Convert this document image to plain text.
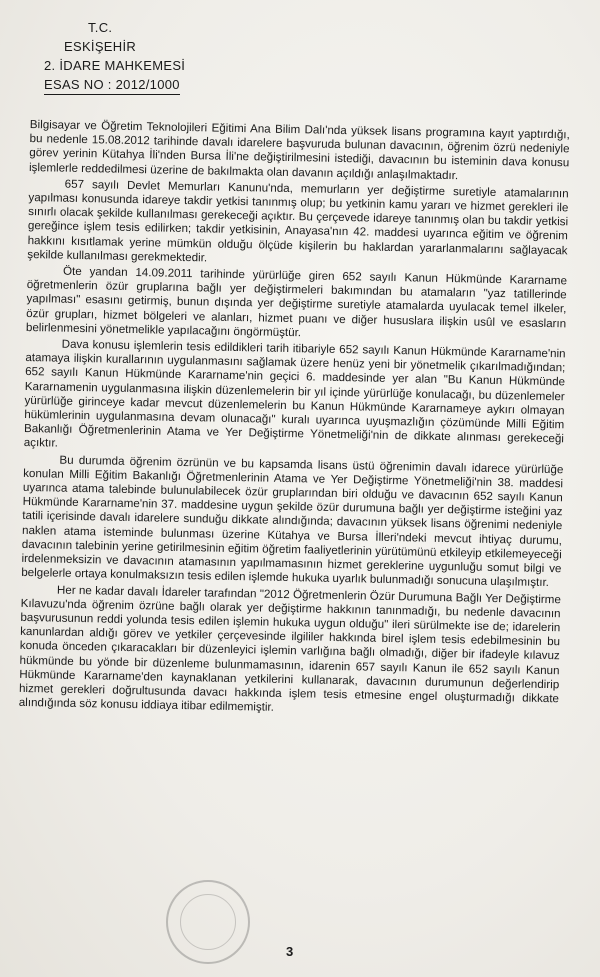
T.C.
ESKİŞEHİR
2. İDARE MAHKEMESİ
ESAS NO : 2012/1000

Bilgisayar ve Öğretim Teknolojileri Eğitimi Ana Bilim Dalı'nda yüksek lisans programına kayıt yaptırdığı, bu nedenle 15.08.2012 tarihinde davalı idarelere başvuruda bulunan davacının, öğrenim özrü nedeniyle görev yerinin Kütahya İli'nden Bursa İli'ne değiştirilmesini istediği, davacının bu isteminin dava konusu işlemlerle reddedilmesi üzerine de bakılmakta olan davanın açıldığı anlaşılmaktadır.

657 sayılı Devlet Memurları Kanunu'nda, memurların yer değiştirme suretiyle atamalarının yapılması konusunda idareye takdir yetkisi tanınmış olup; bu yetkinin kamu yararı ve hizmet gerekleri ile sınırlı olacak şekilde kullanılması gerekeceği açıktır. Bu çerçevede idareye tanınmış olan bu takdir yetkisi gereğince işlem tesis edilirken; takdir yetkisinin, Anayasa'nın 42. maddesi uyarınca eğitim ve öğrenim hakkını kısıtlamak yerine mümkün olduğu ölçüde kişilerin bu haklardan yararlanmalarını sağlayacak şekilde kullanılması gerekmektedir.

Öte yandan 14.09.2011 tarihinde yürürlüğe giren 652 sayılı Kanun Hükmünde Kararname öğretmenlerin özür gruplarına bağlı yer değiştirmeleri bakımından bu atamaların "yaz tatillerinde yapılması" esasını getirmiş, bunun dışında yer değiştirme suretiyle atamalarda uyulacak temel ilkeler, özür grupları, hizmet bölgeleri ve alanları, hizmet puanı ve diğer hususlara ilişkin usûl ve esasların belirlenmesini yönetmelikle yapılacağını öngörmüştür.

Dava konusu işlemlerin tesis edildikleri tarih itibariyle 652 sayılı Kanun Hükmünde Kararname'nin atamaya ilişkin kurallarının uygulanmasını sağlamak üzere henüz yeni bir yönetmelik çıkarılmadığından; 652 sayılı Kanun Hükmünde Kararname'nin geçici 6. maddesinde yer alan "Bu Kanun Hükmünde Kararnamenin uygulanmasına ilişkin düzenlemelerin bir yıl içinde yürürlüğe konulacağı, bu düzenlemeler yürürlüğe girinceye kadar mevcut düzenlemelerin bu Kanun Hükmünde Kararnameye aykırı olmayan hükümlerinin uygulanmasına devam olunacağı" kuralı uyarınca uyuşmazlığın çözümünde Milli Eğitim Bakanlığı Öğretmenlerinin Atama ve Yer Değiştirme Yönetmeliği'nin de dikkate alınması gerekeceği açıktır.

Bu durumda öğrenim özrünün ve bu kapsamda lisans üstü öğrenimin davalı idarece yürürlüğe konulan Milli Eğitim Bakanlığı Öğretmenlerinin Atama ve Yer Değiştirme Yönetmeliği'nin 38. maddesi uyarınca atama talebinde bulunulabilecek özür gruplarından biri olduğu ve davacının 652 sayılı Kanun Hükmünde Kararname'nin 37. maddesine uygun şekilde özür durumuna bağlı yer değiştirme isteğini yaz tatili içerisinde davalı idarelere sunduğu dikkate alındığında; davacının yüksek lisans öğrenimi nedeniyle naklen atama isteminde bulunması üzerine Kütahya ve Bursa İlleri'ndeki mevcut ihtiyaç durumu, davacının talebinin yerine getirilmesinin eğitim öğretim faaliyetlerinin yürütümünü etkileyip etkilemeyeceği irdelenmeksizin ve davacının atamasının yapılmamasının hizmet gereklerine uygunluğu somut bilgi ve belgelerle ortaya konulmaksızın tesis edilen işlemde hukuka uyarlık bulunmadığı sonucuna ulaşılmıştır.

Her ne kadar davalı İdareler tarafından "2012 Öğretmenlerin Özür Durumuna Bağlı Yer Değiştirme Kılavuzu'nda öğrenim özrüne bağlı olarak yer değiştirme hakkının tanınmadığı, bu nedenle davacının başvurusunun reddi yolunda tesis edilen işlemin hukuka uygun olduğu" ileri sürülmekte ise de; idarelerin kanunlardan aldığı görev ve yetkiler çerçevesinde ilgililer hakkında birel işlem tesis edebilmesinin bu konuda önceden çıkaracakları bir düzenleyici işlemin varlığına bağlı olmadığı, diğer bir ifadeyle kılavuz hükmünde bu yönde bir düzenleme bulunmamasının, idarenin 657 sayılı Kanun ile 652 sayılı Kanun Hükmünde Kararname'den kaynaklanan yetkilerini kullanarak, davacının durumunun değerlendirip hizmet gerekleri doğrultusunda davacı hakkında işlem tesis etmesine engel oluşturmadığı dikkate alındığında söz konusu iddiaya itibar edilmemiştir.

3
